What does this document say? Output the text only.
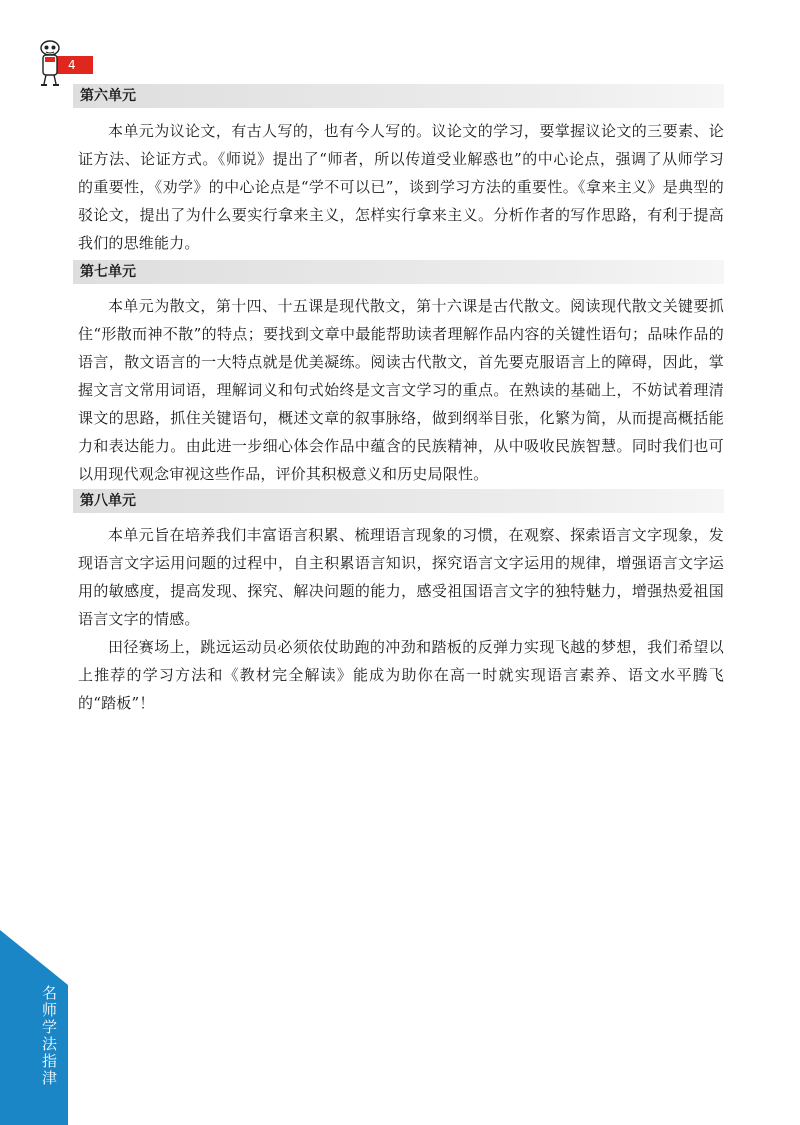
4
第六单元

本单元为议论文，有古人写的，也有今人写的。议论文的学习，要掌握议论文的三要素、论证方法、论证方式。《师说》提出了“师者，所以传道受业解惑也”的中心论点，强调了从师学习的重要性，《劝学》的中心论点是“学不可以已”，谈到学习方法的重要性。《拿来主义》是典型的驳论文，提出了为什么要实行拿来主义，怎样实行拿来主义。分析作者的写作思路，有利于提高我们的思维能力。

第七单元

本单元为散文，第十四、十五课是现代散文，第十六课是古代散文。阅读现代散文关键要抓住“形散而神不散”的特点；要找到文章中最能帮助读者理解作品内容的关键性语句；品味作品的语言，散文语言的一大特点就是优美凝练。阅读古代散文，首先要克服语言上的障碍，因此，掌握文言文常用词语，理解词义和句式始终是文言文学习的重点。在熟读的基础上，不妨试着理清课文的思路，抓住关键语句，概述文章的叙事脉络，做到纲举目张，化繁为简，从而提高概括能力和表达能力。由此进一步细心体会作品中蕴含的民族精神，从中吸收民族智慧。同时我们也可以用现代观念审视这些作品，评价其积极意义和历史局限性。

第八单元

本单元旨在培养我们丰富语言积累、梳理语言现象的习惯，在观察、探索语言文字现象，发现语言文字运用问题的过程中，自主积累语言知识，探究语言文字运用的规律，增强语言文字运用的敏感度，提高发现、探究、解决问题的能力，感受祖国语言文字的独特魅力，增强热爱祖国语言文字的情感。

田径赛场上，跳远运动员必须依仗助跑的冲劲和踏板的反弹力实现飞越的梦想，我们希望以上推荐的学习方法和《教材完全解读》能成为助你在高一时就实现语言素养、语文水平腾飞的“踏板”！

名师学法指津
